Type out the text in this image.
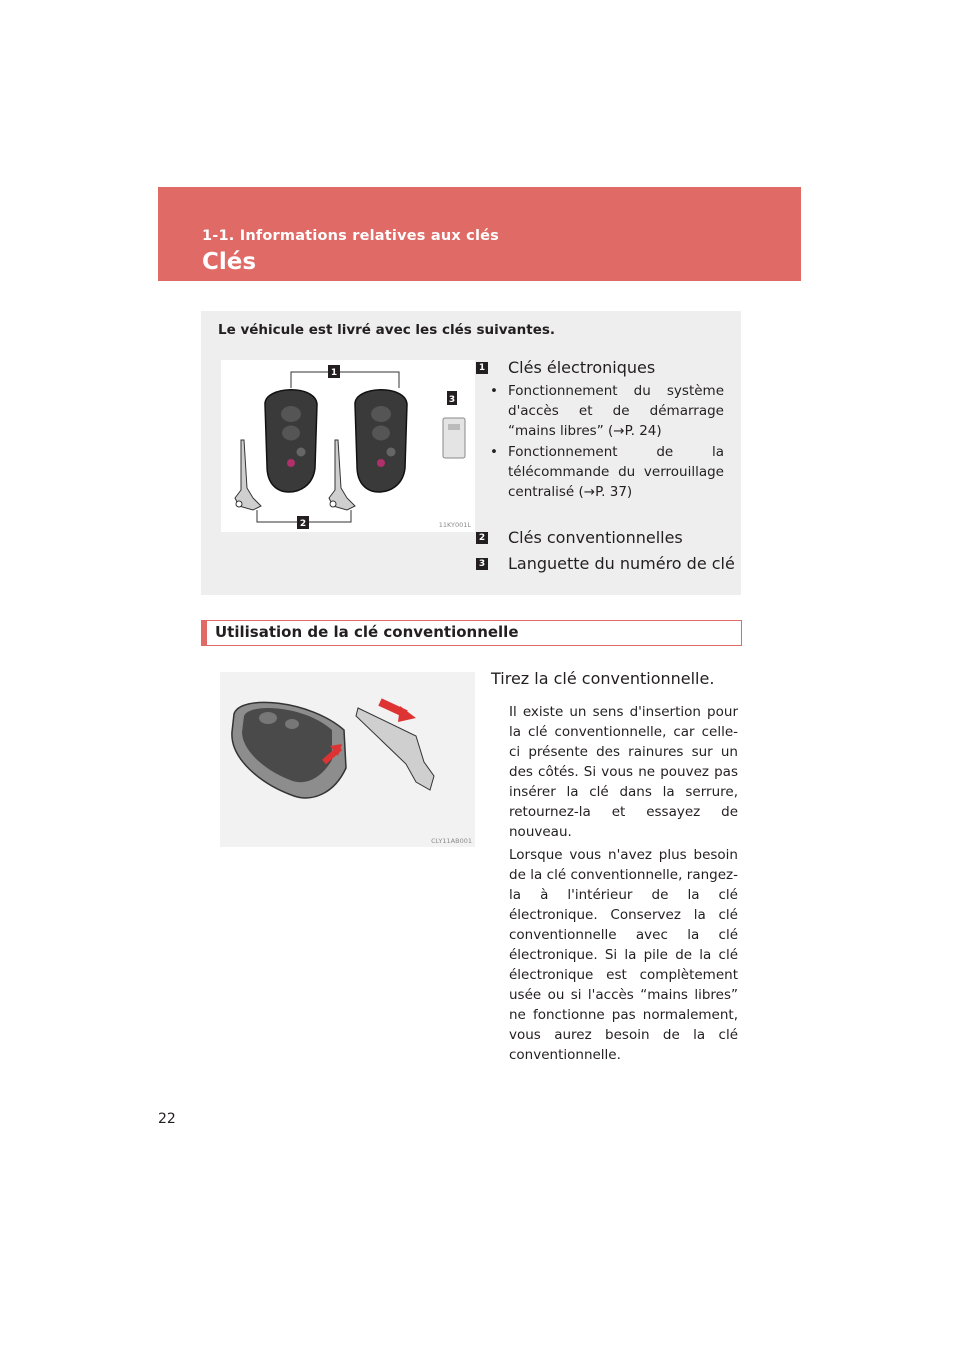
1-1. Informations relatives aux clés
Clés
Le véhicule est livré avec les clés suivantes.
1
2
3
11KY001L
1 Clés électroniques
• Fonctionnement du système d'accès et de démarrage “mains libres” (→P. 24)
• Fonctionnement de la télécommande du verrouillage centralisé (→P. 37)
2 Clés conventionnelles
3 Languette du numéro de clé
Utilisation de la clé conventionnelle
CLY11AB001
Tirez la clé conventionnelle.
Il existe un sens d'insertion pour la clé conventionnelle, car celle-ci présente des rainures sur un des côtés. Si vous ne pouvez pas insérer la clé dans la serrure, retournez-la et essayez de nouveau.
Lorsque vous n'avez plus besoin de la clé conventionnelle, rangez-la à l'intérieur de la clé électronique. Conservez la clé conventionnelle avec la clé électronique. Si la pile de la clé électronique est complètement usée ou si l'accès “mains libres” ne fonctionne pas normalement, vous aurez besoin de la clé conventionnelle.
22
